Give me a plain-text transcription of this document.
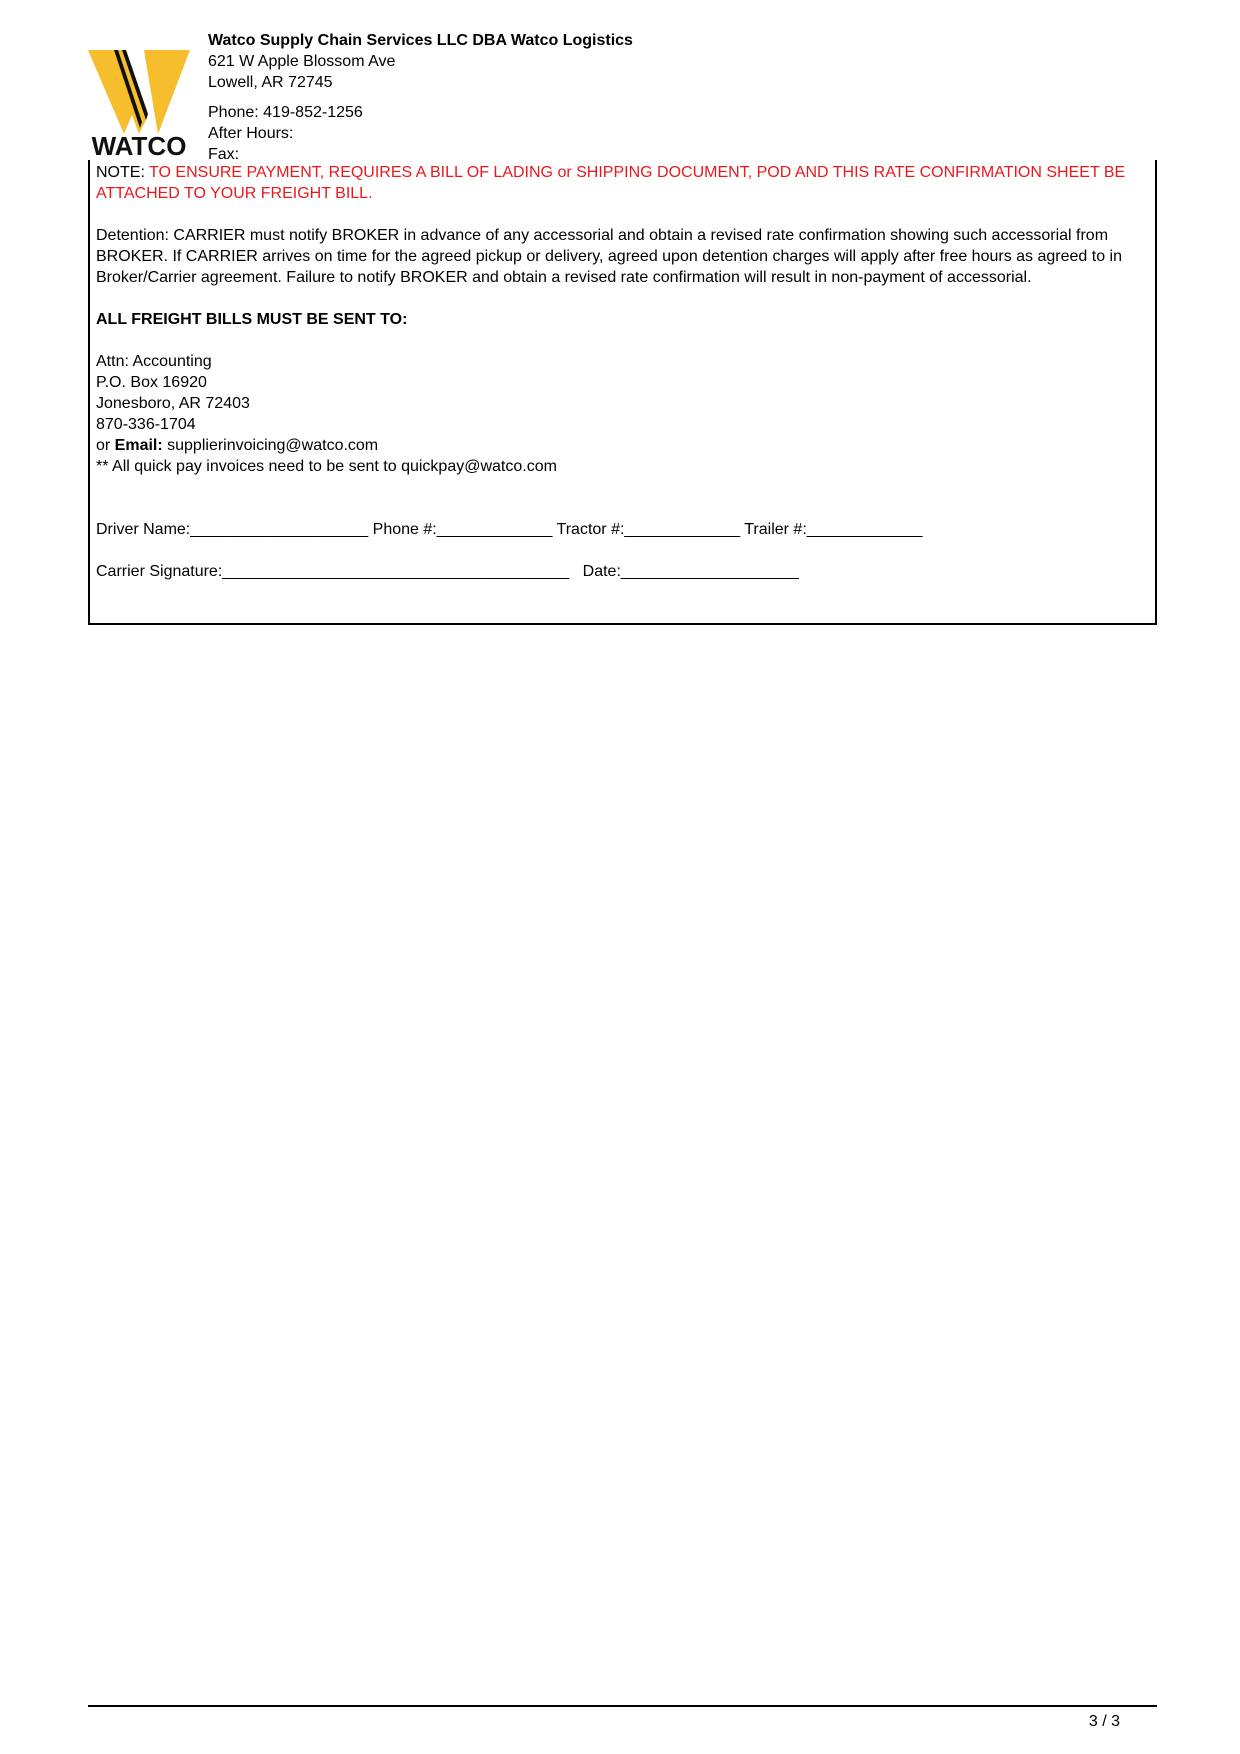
WATCO
Watco Supply Chain Services LLC DBA Watco Logistics
621 W Apple Blossom Ave
Lowell, AR 72745
Phone: 419-852-1256
After Hours:
Fax:

NOTE: TO ENSURE PAYMENT, REQUIRES A BILL OF LADING or SHIPPING DOCUMENT, POD AND THIS RATE CONFIRMATION SHEET BE ATTACHED TO YOUR FREIGHT BILL.

Detention: CARRIER must notify BROKER in advance of any accessorial and obtain a revised rate confirmation showing such accessorial from BROKER. If CARRIER arrives on time for the agreed pickup or delivery, agreed upon detention charges will apply after free hours as agreed to in Broker/Carrier agreement. Failure to notify BROKER and obtain a revised rate confirmation will result in non-payment of accessorial.

ALL FREIGHT BILLS MUST BE SENT TO:

Attn: Accounting
P.O. Box 16920
Jonesboro, AR 72403
870-336-1704
or Email: supplierinvoicing@watco.com
** All quick pay invoices need to be sent to quickpay@watco.com
Driver Name:____________________ Phone #:_____________ Tractor #:_____________ Trailer #:_____________
Carrier Signature:_______________________________________   Date:____________________
3 / 3
